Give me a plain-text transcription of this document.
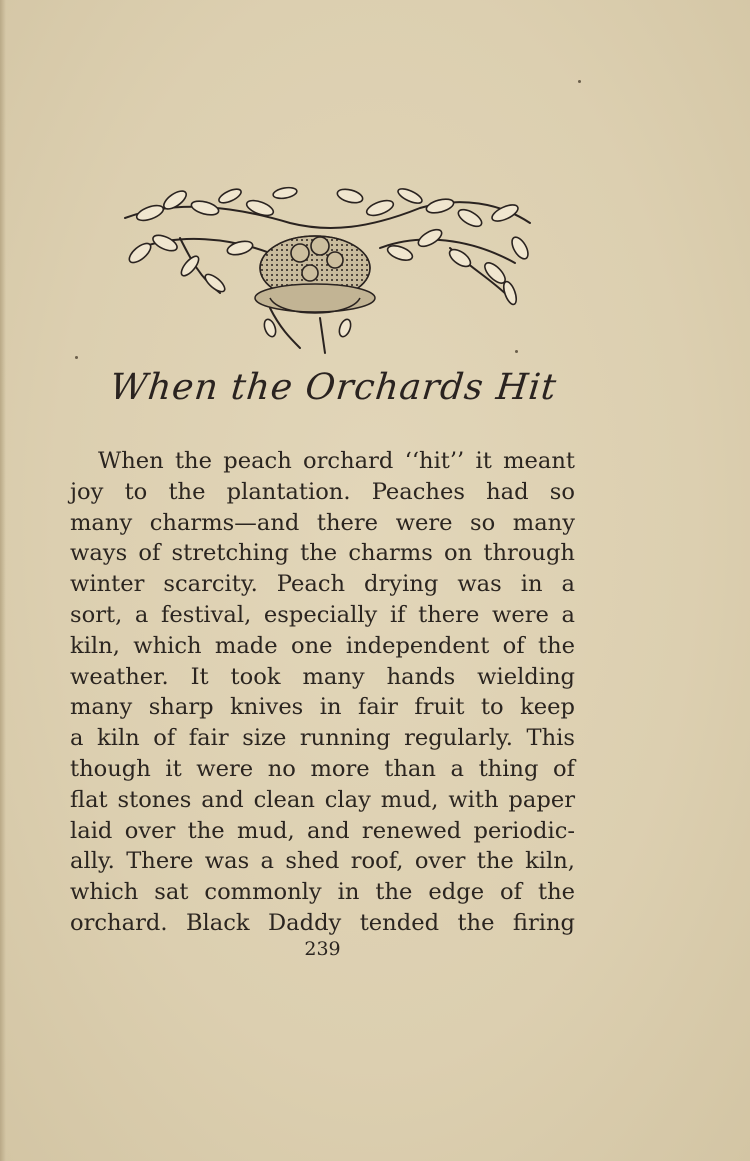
When the Orchards Hit
When the peach orchard ‘‘hit’’ it meant
joy to the plantation. Peaches had so
many charms—and there were so many
ways of stretching the charms on through
winter scarcity. Peach drying was in a
sort, a festival, especially if there were a
kiln, which made one independent of the
weather. It took many hands wielding
many sharp knives in fair fruit to keep
a kiln of fair size running regularly. This
though it were no more than a thing of
flat stones and clean clay mud, with paper
laid over the mud, and renewed periodic-
ally. There was a shed roof, over the kiln,
which sat commonly in the edge of the
orchard. Black Daddy tended the firing
239
